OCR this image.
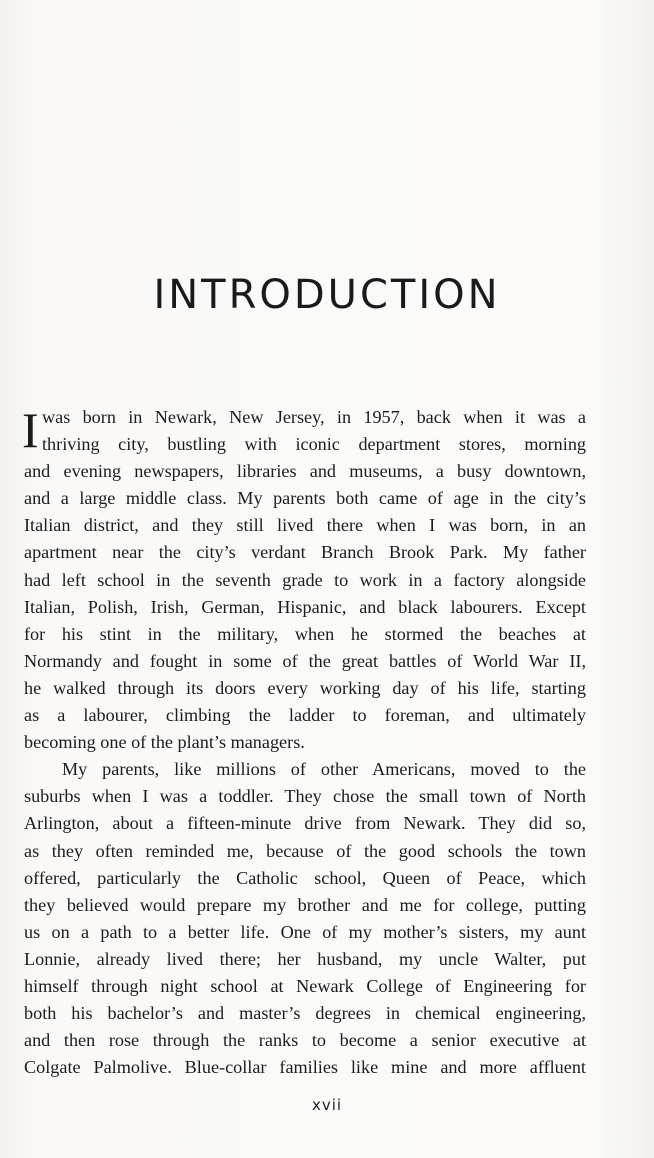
INTRODUCTION
I was born in Newark, New Jersey, in 1957, back when it was a
thriving city, bustling with iconic department stores, morning
and evening newspapers, libraries and museums, a busy downtown,
and a large middle class. My parents both came of age in the city’s
Italian district, and they still lived there when I was born, in an
apartment near the city’s verdant Branch Brook Park. My father
had left school in the seventh grade to work in a factory alongside
Italian, Polish, Irish, German, Hispanic, and black labourers. Except
for his stint in the military, when he stormed the beaches at
Normandy and fought in some of the great battles of World War II,
he walked through its doors every working day of his life, starting
as a labourer, climbing the ladder to foreman, and ultimately
becoming one of the plant’s managers.
My parents, like millions of other Americans, moved to the
suburbs when I was a toddler. They chose the small town of North
Arlington, about a fifteen-minute drive from Newark. They did so,
as they often reminded me, because of the good schools the town
offered, particularly the Catholic school, Queen of Peace, which
they believed would prepare my brother and me for college, putting
us on a path to a better life. One of my mother’s sisters, my aunt
Lonnie, already lived there; her husband, my uncle Walter, put
himself through night school at Newark College of Engineering for
both his bachelor’s and master’s degrees in chemical engineering,
and then rose through the ranks to become a senior executive at
Colgate Palmolive. Blue-collar families like mine and more affluent
xvii
